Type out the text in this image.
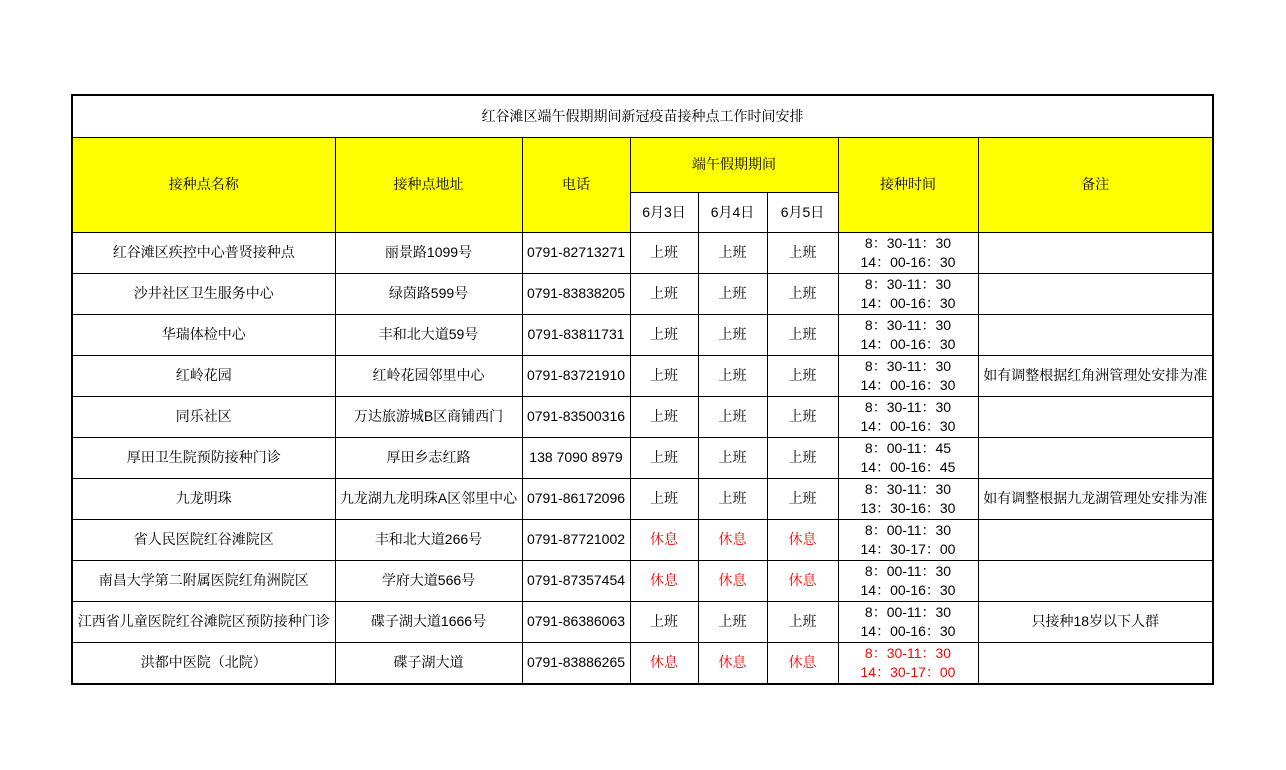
红谷滩区端午假期期间新冠疫苗接种点工作时间安排							
接种点名称	接种点地址	电话	端午假期期间			接种时间	备注
			6月3日	6月4日	6月5日		
红谷滩区疾控中心普贤接种点	丽景路1099号	0791-82713271	上班	上班	上班	8：30-11：30
14：00-16：30	

沙井社区卫生服务中心	绿茵路599号	0791-83838205	上班	上班	上班	8：30-11：30
14：00-16：30	

华瑞体检中心	丰和北大道59号	0791-83811731	上班	上班	上班	8：30-11：30
14：00-16：30	

红岭花园	红岭花园邻里中心	0791-83721910	上班	上班	上班	8：30-11：30
14：00-16：30	如有调整根据红角洲管理处安排为准
同乐社区	万达旅游城B区商铺西门	0791-83500316	上班	上班	上班	8：30-11：30
14：00-16：30	

厚田卫生院预防接种门诊	厚田乡志红路	138 7090 8979	上班	上班	上班	8：00-11：45
14：00-16：45	

九龙明珠	九龙湖九龙明珠A区邻里中心	0791-86172096	上班	上班	上班	8：30-11：30
13：30-16：30	如有调整根据九龙湖管理处安排为准
省人民医院红谷滩院区	丰和北大道266号	0791-87721002	休息	休息	休息	8：00-11：30
14：30-17：00	

南昌大学第二附属医院红角洲院区	学府大道566号	0791-87357454	休息	休息	休息	8：00-11：30
14：00-16：30	

江西省儿童医院红谷滩院区预防接种门诊	碟子湖大道1666号	0791-86386063	上班	上班	上班	8：00-11：30
14：00-16：30	只接种18岁以下人群
洪都中医院（北院）	碟子湖大道	0791-83886265	休息	休息	休息	8：30-11：30
14：30-17：00	
